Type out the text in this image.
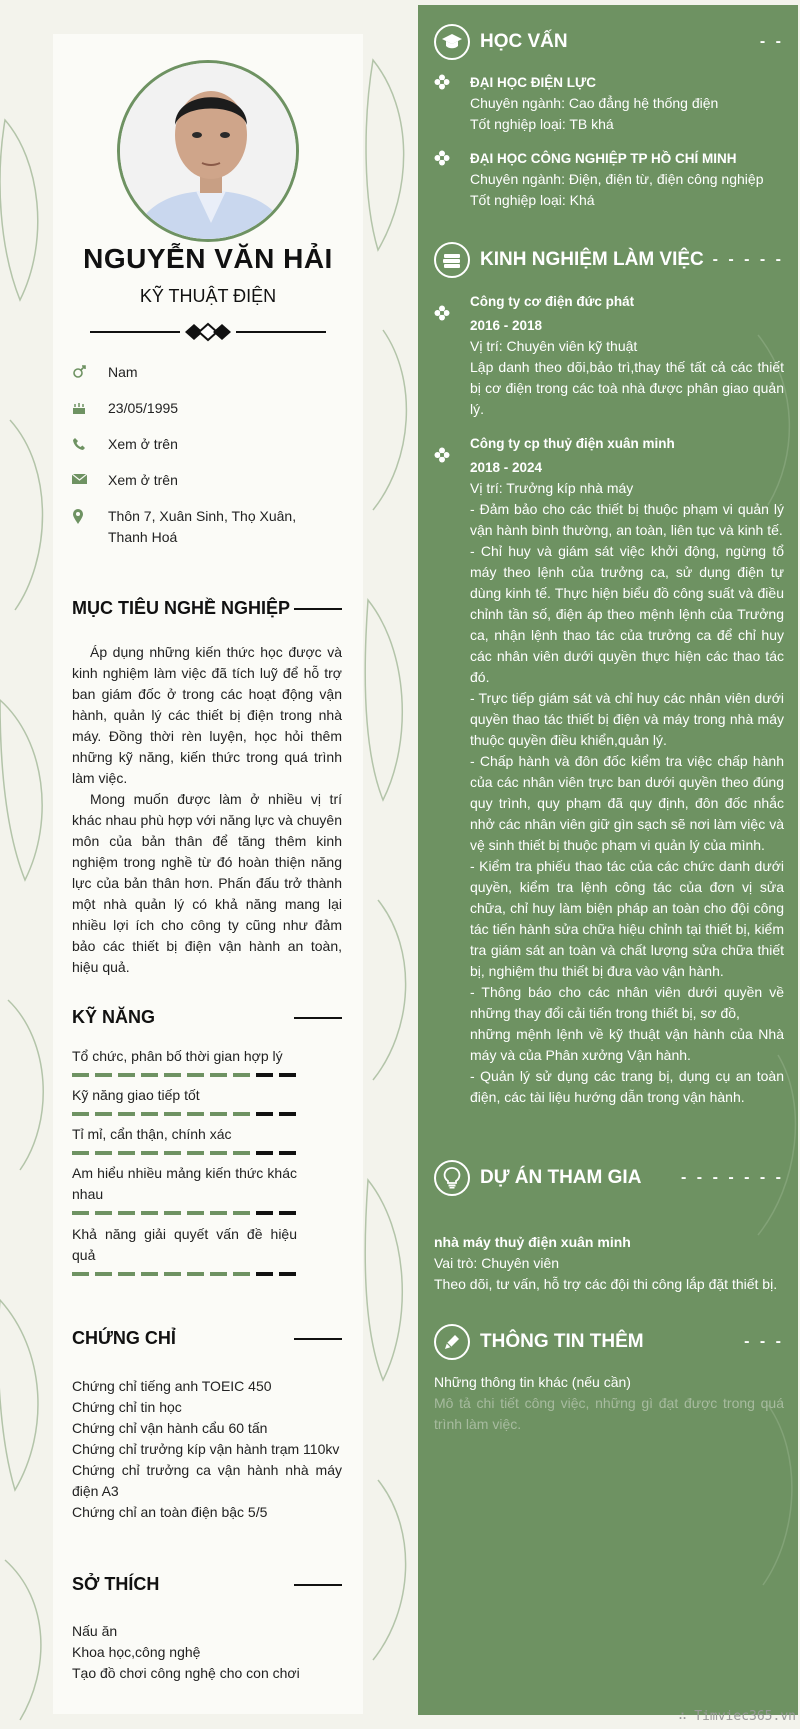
NGUYỄN VĂN HẢI
KỸ THUẬT ĐIỆN
Nam
23/05/1995
Xem ở trên
Xem ở trên
Thôn 7, Xuân Sinh, Thọ Xuân,
Thanh Hoá
MỤC TIÊU NGHỀ NGHIỆP

Áp dụng những kiến thức học được và kinh nghiệm làm việc đã tích luỹ để hỗ trợ ban giám đốc ở trong các hoạt động vận hành, quản lý các thiết bị điện trong nhà máy. Đồng thời rèn luyện, học hỏi thêm những kỹ năng, kiến thức trong quá trình làm việc.

Mong muốn được làm ở nhiều vị trí khác nhau phù hợp với năng lực và chuyên môn của bản thân để tăng thêm kinh nghiệm trong nghề từ đó hoàn thiện năng lực của bản thân hơn. Phấn đấu trở thành một nhà quản lý có khả năng mang lại nhiều lợi ích cho công ty cũng như đảm bảo các thiết bị điện vận hành an toàn, hiệu quả.

KỸ NĂNG
Tổ chức, phân bố thời gian hợp lý
Kỹ năng giao tiếp tốt
Tỉ mỉ, cẩn thận, chính xác
Am hiểu nhiều mảng kiến thức khác nhau
Khả năng giải quyết vấn đề hiệu quả
CHỨNG CHỈ
Chứng chỉ tiếng anh TOEIC 450
Chứng chỉ tin học
Chứng chỉ vận hành cẩu 60 tấn
Chứng chỉ trưởng kíp vận hành trạm 110kv
Chứng chỉ trưởng ca vận hành nhà máy điện A3
Chứng chỉ an toàn điện bậc 5/5
SỞ THÍCH
Nấu ăn
Khoa học,công nghệ
Tạo đồ chơi công nghệ cho con chơi
HỌC VẤN	- -
ĐẠI HỌC ĐIỆN LỰC
Chuyên ngành: Cao đẳng hệ thống điện
Tốt nghiệp loại: TB khá
ĐẠI HỌC CÔNG NGHIỆP TP HỒ CHÍ MINH
Chuyên ngành: Điện, điện từ, điện công nghiệp
Tốt nghiệp loại: Khá
KINH NGHIỆM LÀM VIỆC - - - - -
Công ty cơ điện đức phát
2016 - 2018
Vị trí: Chuyên viên kỹ thuật
Lập danh theo dõi,bảo trì,thay thế tất cả các thiết bị cơ điện trong các toà nhà được phân giao quản lý.
Công ty cp thuỷ điện xuân minh
2018 - 2024
Vị trí: Trưởng kíp nhà máy
- Đảm bảo cho các thiết bị thuộc phạm vi quản lý vận hành bình thường, an toàn, liên tục và kinh tế.
- Chỉ huy và giám sát việc khởi động, ngừng tổ máy theo lệnh của trưởng ca, sử dụng điện tự dùng kinh tế. Thực hiện biểu đồ công suất và điều chỉnh tần số, điện áp theo mệnh lệnh của Trưởng ca, nhận lệnh thao tác của trưởng ca để chỉ huy các nhân viên dưới quyền thực hiện các thao tác đó.
- Trực tiếp giám sát và chỉ huy các nhân viên dưới quyền thao tác thiết bị điện và máy trong nhà máy thuộc quyền điều khiển,quản lý.
- Chấp hành và đôn đốc kiểm tra việc chấp hành của các nhân viên trực ban dưới quyền theo đúng quy trình, quy phạm đã quy định, đôn đốc nhắc nhở các nhân viên giữ gìn sạch sẽ nơi làm việc và vệ sinh thiết bị thuộc phạm vi quản lý của mình.
- Kiểm tra phiếu thao tác của các chức danh dưới quyền, kiểm tra lệnh công tác của đơn vị sửa chữa, chỉ huy làm biện pháp an toàn cho đội công tác tiến hành sửa chữa hiệu chỉnh tại thiết bị, kiểm tra giám sát an toàn và chất lượng sửa chữa thiết bị, nghiệm thu thiết bị đưa vào vận hành.
- Thông báo cho các nhân viên dưới quyền về những thay đổi cải tiến trong thiết bị, sơ đồ,
những mệnh lệnh về kỹ thuật vận hành của Nhà máy và của Phân xưởng Vận hành.
- Quản lý sử dụng các trang bị, dụng cụ an toàn điện, các tài liệu hướng dẫn trong vận hành.
DỰ ÁN THAM GIA - - - - - - -
nhà máy thuỷ điện xuân minh
Vai trò: Chuyên viên
Theo dõi, tư vấn, hỗ trợ các đội thi công lắp đặt thiết bị.
THÔNG TIN THÊM	- - -
Những thông tin khác (nếu cần)
Mô tả chi tiết công việc, những gì đạt được trong quá trình làm việc.
∴ Timviec365.vn
